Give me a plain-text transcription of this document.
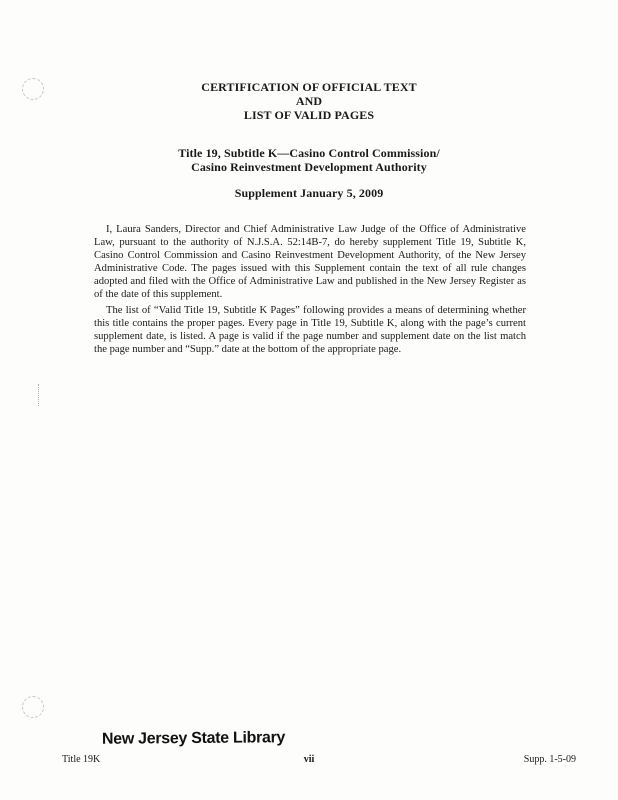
CERTIFICATION OF OFFICIAL TEXT
AND
LIST OF VALID PAGES
Title 19, Subtitle K—Casino Control Commission/
Casino Reinvestment Development Authority
Supplement January 5, 2009

I, Laura Sanders, Director and Chief Administrative Law Judge of the Office of Administrative Law, pursuant to the authority of N.J.S.A. 52:14B-7, do hereby supplement Title 19, Subtitle K, Casino Control Commission and Casino Reinvestment Development Authority, of the New Jersey Administrative Code. The pages issued with this Supplement contain the text of all rule changes adopted and filed with the Office of Administrative Law and published in the New Jersey Register as of the date of this supplement.

The list of “Valid Title 19, Subtitle K Pages” following provides a means of determining whether this title contains the proper pages. Every page in Title 19, Subtitle K, along with the page’s current supplement date, is listed. A page is valid if the page number and supplement date on the list match the page number and “Supp.” date at the bottom of the appropriate page.

New Jersey State Library
Title 19K	vii	Supp. 1-5-09
